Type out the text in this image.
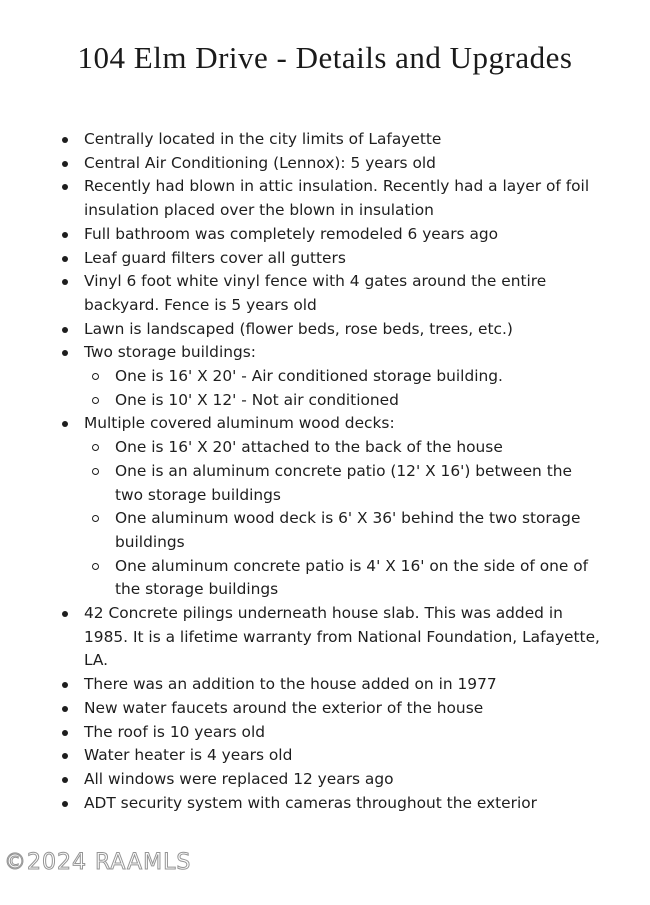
104 Elm Drive - Details and Upgrades
Centrally located in the city limits of Lafayette
Central Air Conditioning (Lennox): 5 years old
Recently had blown in attic insulation. Recently had a layer of foil insulation placed over the blown in insulation
Full bathroom was completely remodeled 6 years ago
Leaf guard filters cover all gutters
Vinyl 6 foot white vinyl fence with 4 gates around the entire backyard. Fence is 5 years old
Lawn is landscaped (flower beds, rose beds, trees, etc.)
Two storage buildings:
One is 16' X 20' - Air conditioned storage building.
One is 10' X 12' - Not air conditioned
Multiple covered aluminum wood decks:
One is 16' X 20' attached to the back of the house
One is an aluminum concrete patio (12' X 16') between the two storage buildings
One aluminum wood deck is 6' X 36' behind the two storage buildings
One aluminum concrete patio is 4' X 16' on the side of one of the storage buildings
42 Concrete pilings underneath house slab. This was added in 1985. It is a lifetime warranty from National Foundation, Lafayette, LA.
There was an addition to the house added on in 1977
New water faucets around the exterior of the house
The roof is 10 years old
Water heater is 4 years old
All windows were replaced 12 years ago
ADT security system with cameras throughout the exterior
©2024 RAAMLS
